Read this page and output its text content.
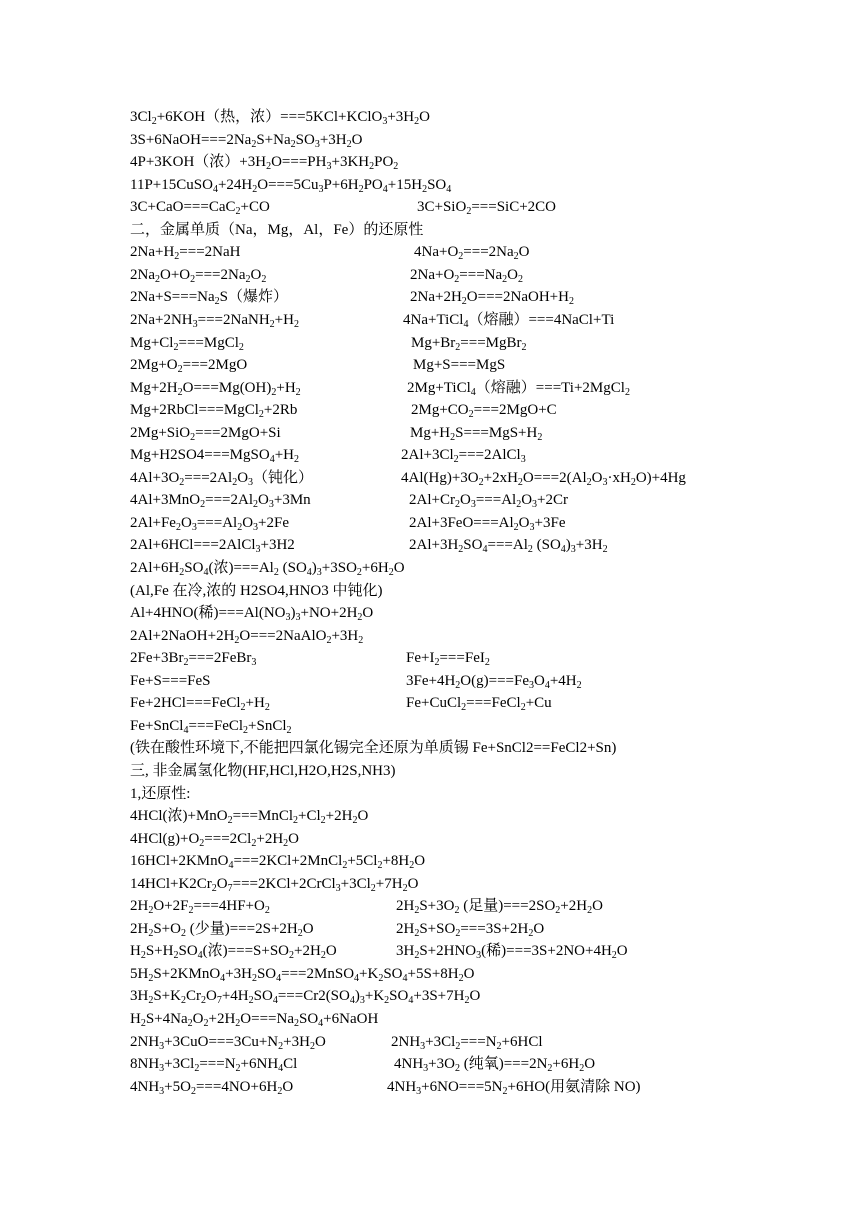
$3Cl_2+6KOH$（热，浓）$===5KCl+KClO_3+3H_2O$
$3S+6NaOH===2Na_2S+Na_2SO_3+3H_2O$
4P+3KOH（浓）$+3H_2O===PH_3+3KH_2PO_2$
$11P+15CuSO_4+24H_2O===5Cu_3P+6H_2PO_4+15H_2SO_4$
3C+CaO===CaC$_2$+CO	3C+SiO$_2$===SiC+2CO
二，金属单质（Na，Mg，Al，Fe）的还原性
$2Na+H_2===2NaH$	$4Na+O_2===2Na_2O$
$2Na_2O+O_2===2Na_2O_2$	$2Na+O_2===Na_2O_2$
$2Na+S===Na_2S$（爆炸）	$2Na+2H_2O===2NaOH+H_2$
$2Na+2NH_3===2NaNH_2+H_2$	4Na+TiCl$_4$（熔融）===4NaCl+Ti
$Mg+Cl_2===MgCl_2$	$Mg+Br_2===MgBr_2$
$2Mg+O_2===2MgO$	Mg+S===MgS
$Mg+2H_2O===Mg(OH)_2+H_2$	2Mg+TiCl$_4$（熔融）===Ti+2MgCl$_2$
Mg+2RbCl===MgCl$_2$+2Rb	$2Mg+CO_2===2MgO+C$
2Mg+SiO$_2$===2MgO+Si	$Mg+H_2S===MgS+H_2$
$Mg+H2SO4===MgSO_4+H_2$	$2Al+3Cl_2===2AlCl_3$
$4Al+3O_2===2Al_2O_3$（钝化）	$4Al(Hg)+3O_2+2xH_2O===2(Al_2O_3\cdot xH_2O)+4Hg$
$4Al+3MnO_2===2Al_2O_3+3Mn$	$2Al+Cr_2O_3===Al_2O_3+2Cr$
$2Al+Fe_2O_3===Al_2O_3+2Fe$	$2Al+3FeO===Al_2O_3+3Fe$
2Al+6HCl===2AlCl$_3$+3H2	$2Al+3H_2SO_4===Al_2$ $(SO_4)_3+3H_2$
$2Al+6H_2SO_4$(浓)$===Al_2$ $(SO_4)_3+3SO_2+6H_2O$
(Al,Fe 在冷,浓的 H2SO4,HNO3 中钝化)
Al+4HNO(稀)$===Al(NO_3)_3+NO+2H_2O$
$2Al+2NaOH+2H_2O===2NaAlO_2+3H_2$
$2Fe+3Br_2===2FeBr_3$	$Fe+I_2===FeI_2$
Fe+S===FeS	$3Fe+4H_2O(g)===Fe_3O_4+4H_2$
$Fe+2HCl===FeCl_2+H_2$	Fe+CuCl$_2$===FeCl$_2$+Cu
Fe+SnCl$_4$===FeCl$_2$+SnCl$_2$
(铁在酸性环境下,不能把四氯化锡完全还原为单质锡 Fe+SnCl2==FeCl2+Sn)
三, 非金属氢化物(HF,HCl,H2O,H2S,NH3)
1,还原性:
4HCl(浓)$+MnO_2===MnCl_2+Cl_2+2H_2O$
$4HCl(g)+O_2===2Cl_2+2H_2O$
$16HCl+2KMnO_4===2KCl+2MnCl_2+5Cl_2+8H_2O$
$14HCl+K2Cr_2O_7===2KCl+2CrCl_3+3Cl_2+7H_2O$
$2H_2O+2F_2===4HF+O_2$	$2H_2S+3O_2$ (足量)$===2SO_2+2H_2O$
$2H_2S+O_2$ (少量)$===2S+2H_2O$	$2H_2S+SO_2===3S+2H_2O$
$H_2S+H_2SO_4$(浓)$===S+SO_2+2H_2O$	$3H_2S+2HNO_3$(稀)$===3S+2NO+4H_2O$
$5H_2S+2KMnO_4+3H_2SO_4===2MnSO_4+K_2SO_4+5S+8H_2O$
$3H_2S+K_2Cr_2O_7+4H_2SO_4===Cr2(SO_4)_3+K_2SO_4+3S+7H_2O$
$H_2S+4Na_2O_2+2H_2O===Na_2SO_4+6NaOH$
$2NH_3+3CuO===3Cu+N_2+3H_2O$	$2NH_3+3Cl_2===N_2+6HCl$
$8NH_3+3Cl_2===N_2+6NH_4Cl$	$4NH_3+3O_2$ (纯氧)$===2N_2+6H_2O$
$4NH_3+5O_2===4NO+6H_2O$	$4NH_3+6NO===5N_2+6HO$(用氨清除 NO)
